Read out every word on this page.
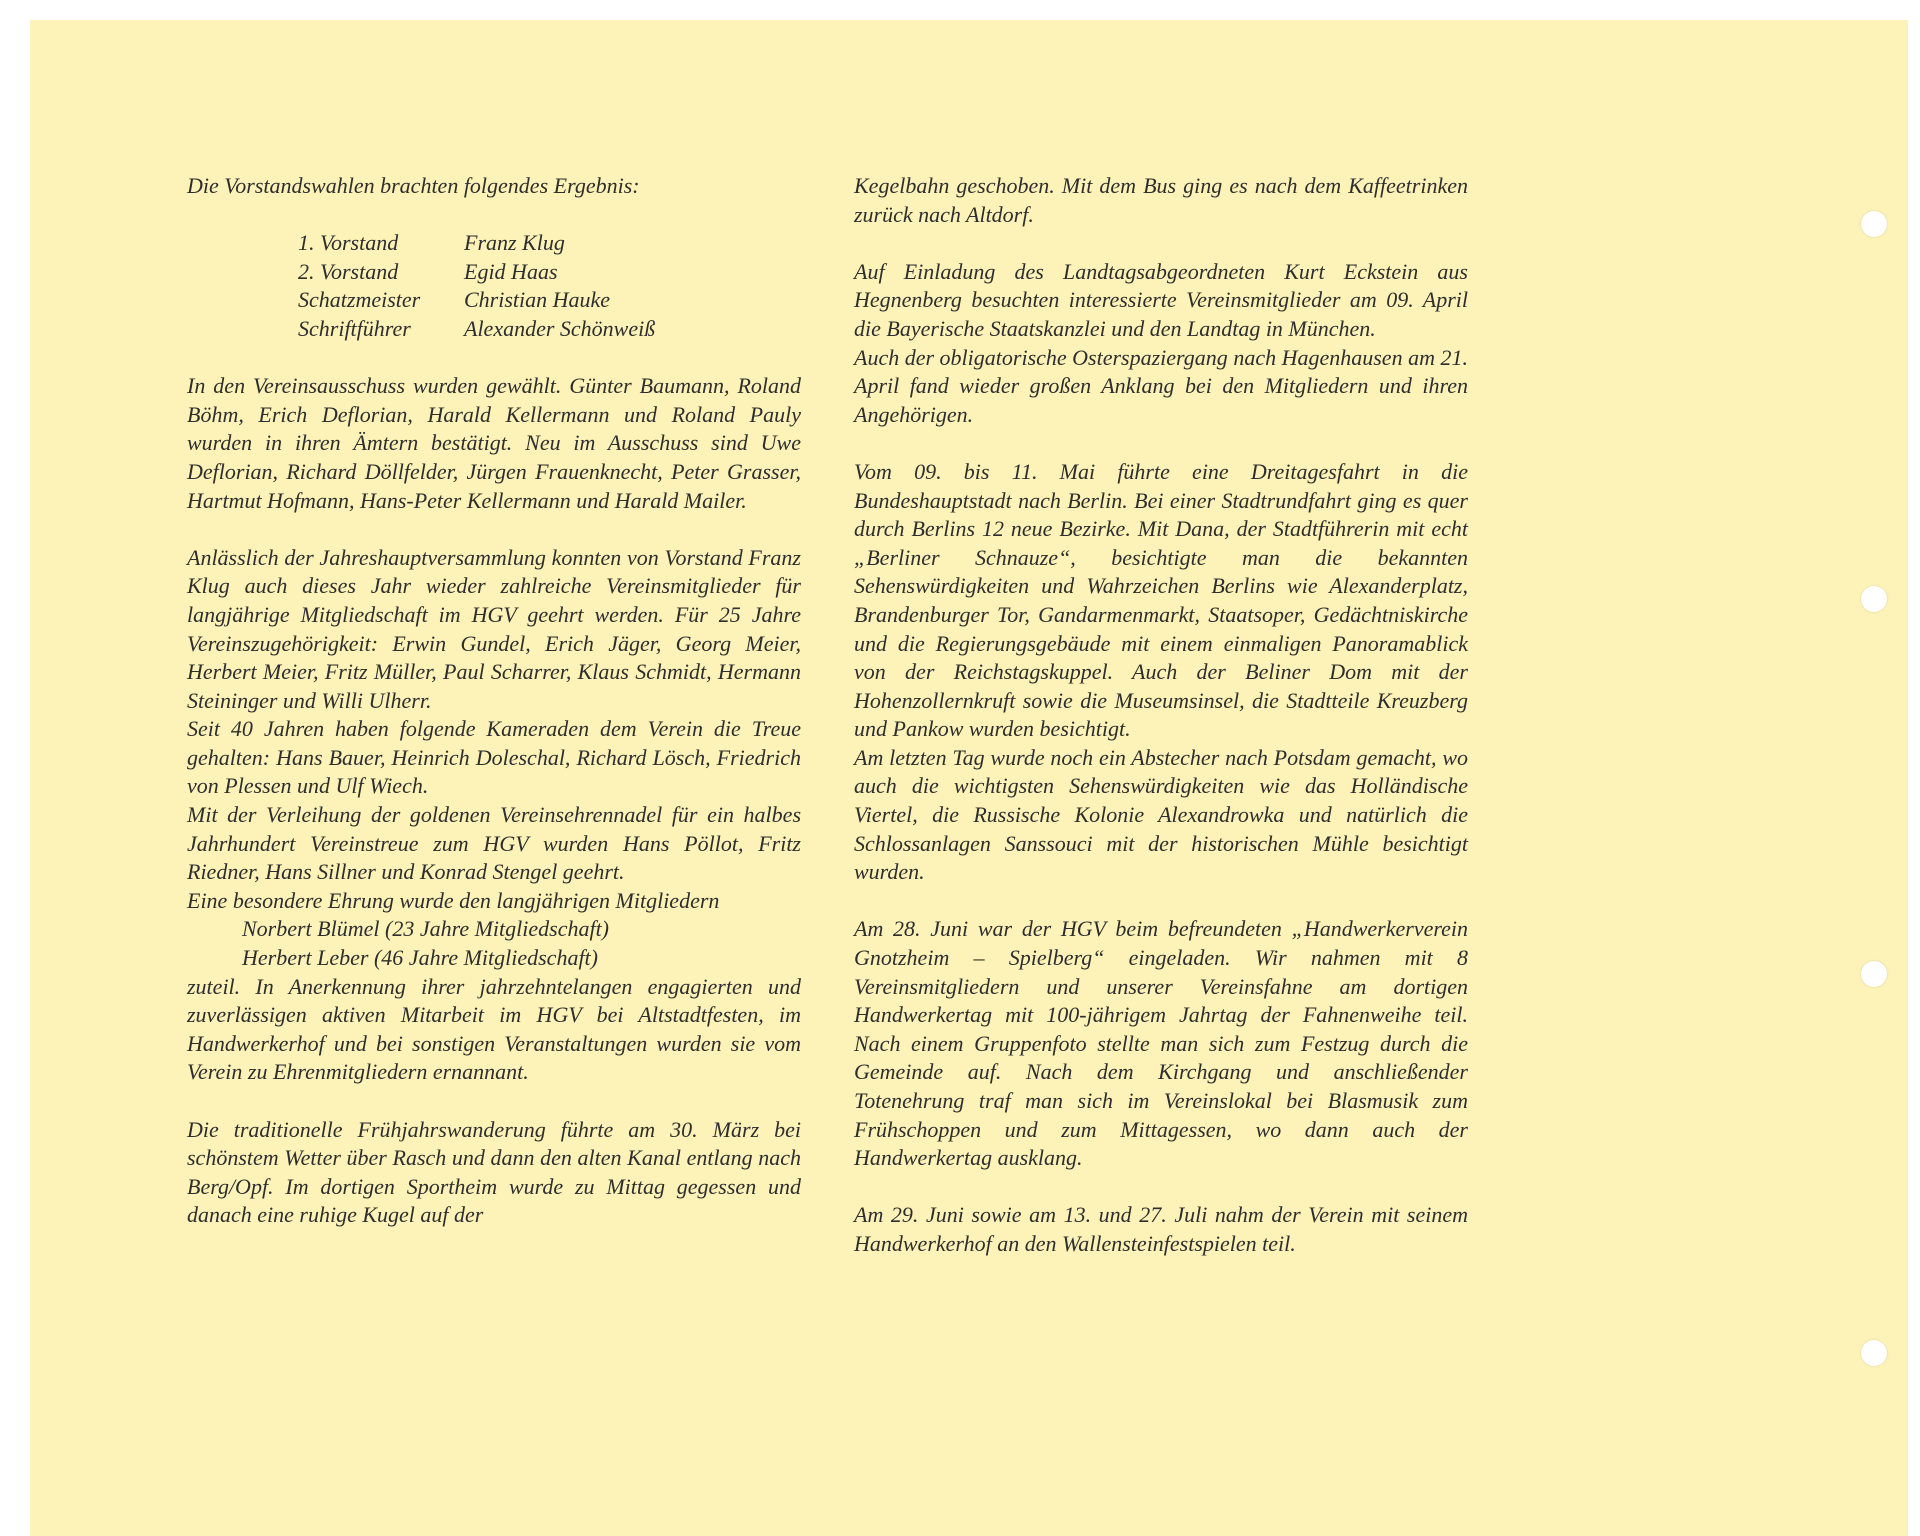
Die Vorstandswahlen brachten folgendes Ergebnis:

1. Vorstand	Franz Klug
2. Vorstand	Egid Haas
Schatzmeister	Christian Hauke
Schriftführer	Alexander Schönweiß

In den Vereinsausschuss wurden gewählt. Günter Baumann, Roland Böhm, Erich Deflorian, Harald Kellermann und Roland Pauly wurden in ihren Ämtern bestätigt. Neu im Ausschuss sind Uwe Deflorian, Richard Döllfelder, Jürgen Frauenknecht, Peter Grasser, Hartmut Hofmann, Hans-Peter Kellermann und Harald Mailer.

Anlässlich der Jahreshauptversammlung konnten von Vorstand Franz Klug auch dieses Jahr wieder zahlreiche Vereinsmitglieder für langjährige Mitgliedschaft im HGV geehrt werden. Für 25 Jahre Vereinszugehörigkeit: Erwin Gundel, Erich Jäger, Georg Meier, Herbert Meier, Fritz Müller, Paul Scharrer, Klaus Schmidt, Hermann Steininger und Willi Ulherr.

Seit 40 Jahren haben folgende Kameraden dem Verein die Treue gehalten: Hans Bauer, Heinrich Doleschal, Richard Lösch, Friedrich von Plessen und Ulf Wiech.

Mit der Verleihung der goldenen Vereinsehrennadel für ein halbes Jahrhundert Vereinstreue zum HGV wurden Hans Pöllot, Fritz Riedner, Hans Sillner und Konrad Stengel geehrt.

Eine besondere Ehrung wurde den langjährigen Mitgliedern

Norbert Blümel (23 Jahre Mitgliedschaft)

Herbert Leber (46 Jahre Mitgliedschaft)

zuteil. In Anerkennung ihrer jahrzehntelangen engagierten und zuverlässigen aktiven Mitarbeit im HGV bei Altstadtfesten, im Handwerkerhof und bei sonstigen Veranstaltungen wurden sie vom Verein zu Ehrenmitgliedern ernannant.

Die traditionelle Frühjahrswanderung führte am 30. März bei schönstem Wetter über Rasch und dann den alten Kanal entlang nach Berg/Opf. Im dortigen Sportheim wurde zu Mittag gegessen und danach eine ruhige Kugel auf der

Kegelbahn geschoben. Mit dem Bus ging es nach dem Kaffeetrinken zurück nach Altdorf.

Auf Einladung des Landtagsabgeordneten Kurt Eckstein aus Hegnenberg besuchten interessierte Vereinsmitglieder am 09. April die Bayerische Staatskanzlei und den Landtag in München.

Auch der obligatorische Osterspaziergang nach Hagenhausen am 21. April fand wieder großen Anklang bei den Mitgliedern und ihren Angehörigen.

Vom 09. bis 11. Mai führte eine Dreitagesfahrt in die Bundeshauptstadt nach Berlin. Bei einer Stadtrundfahrt ging es quer durch Berlins 12 neue Bezirke. Mit Dana, der Stadtführerin mit echt „Berliner Schnauze“, besichtigte man die bekannten Sehenswürdigkeiten und Wahrzeichen Berlins wie Alexanderplatz, Brandenburger Tor, Gandarmenmarkt, Staatsoper, Gedächtniskirche und die Regierungsgebäude mit einem einmaligen Panoramablick von der Reichstagskuppel. Auch der Beliner Dom mit der Hohenzollernkruft sowie die Museumsinsel, die Stadtteile Kreuzberg und Pankow wurden besichtigt.

Am letzten Tag wurde noch ein Abstecher nach Potsdam gemacht, wo auch die wichtigsten Sehenswürdigkeiten wie das Holländische Viertel, die Russische Kolonie Alexandrowka und natürlich die Schlossanlagen Sanssouci mit der historischen Mühle besichtigt wurden.

Am 28. Juni war der HGV beim befreundeten „Handwerkerverein Gnotzheim – Spielberg“ eingeladen. Wir nahmen mit 8 Vereinsmitgliedern und unserer Vereinsfahne am dortigen Handwerkertag mit 100-jährigem Jahrtag der Fahnenweihe teil. Nach einem Gruppenfoto stellte man sich zum Festzug durch die Gemeinde auf. Nach dem Kirchgang und anschließender Totenehrung traf man sich im Vereinslokal bei Blasmusik zum Frühschoppen und zum Mittagessen, wo dann auch der Handwerkertag ausklang.

Am 29. Juni sowie am 13. und 27. Juli nahm der Verein mit seinem Handwerkerhof an den Wallensteinfestspielen teil.
